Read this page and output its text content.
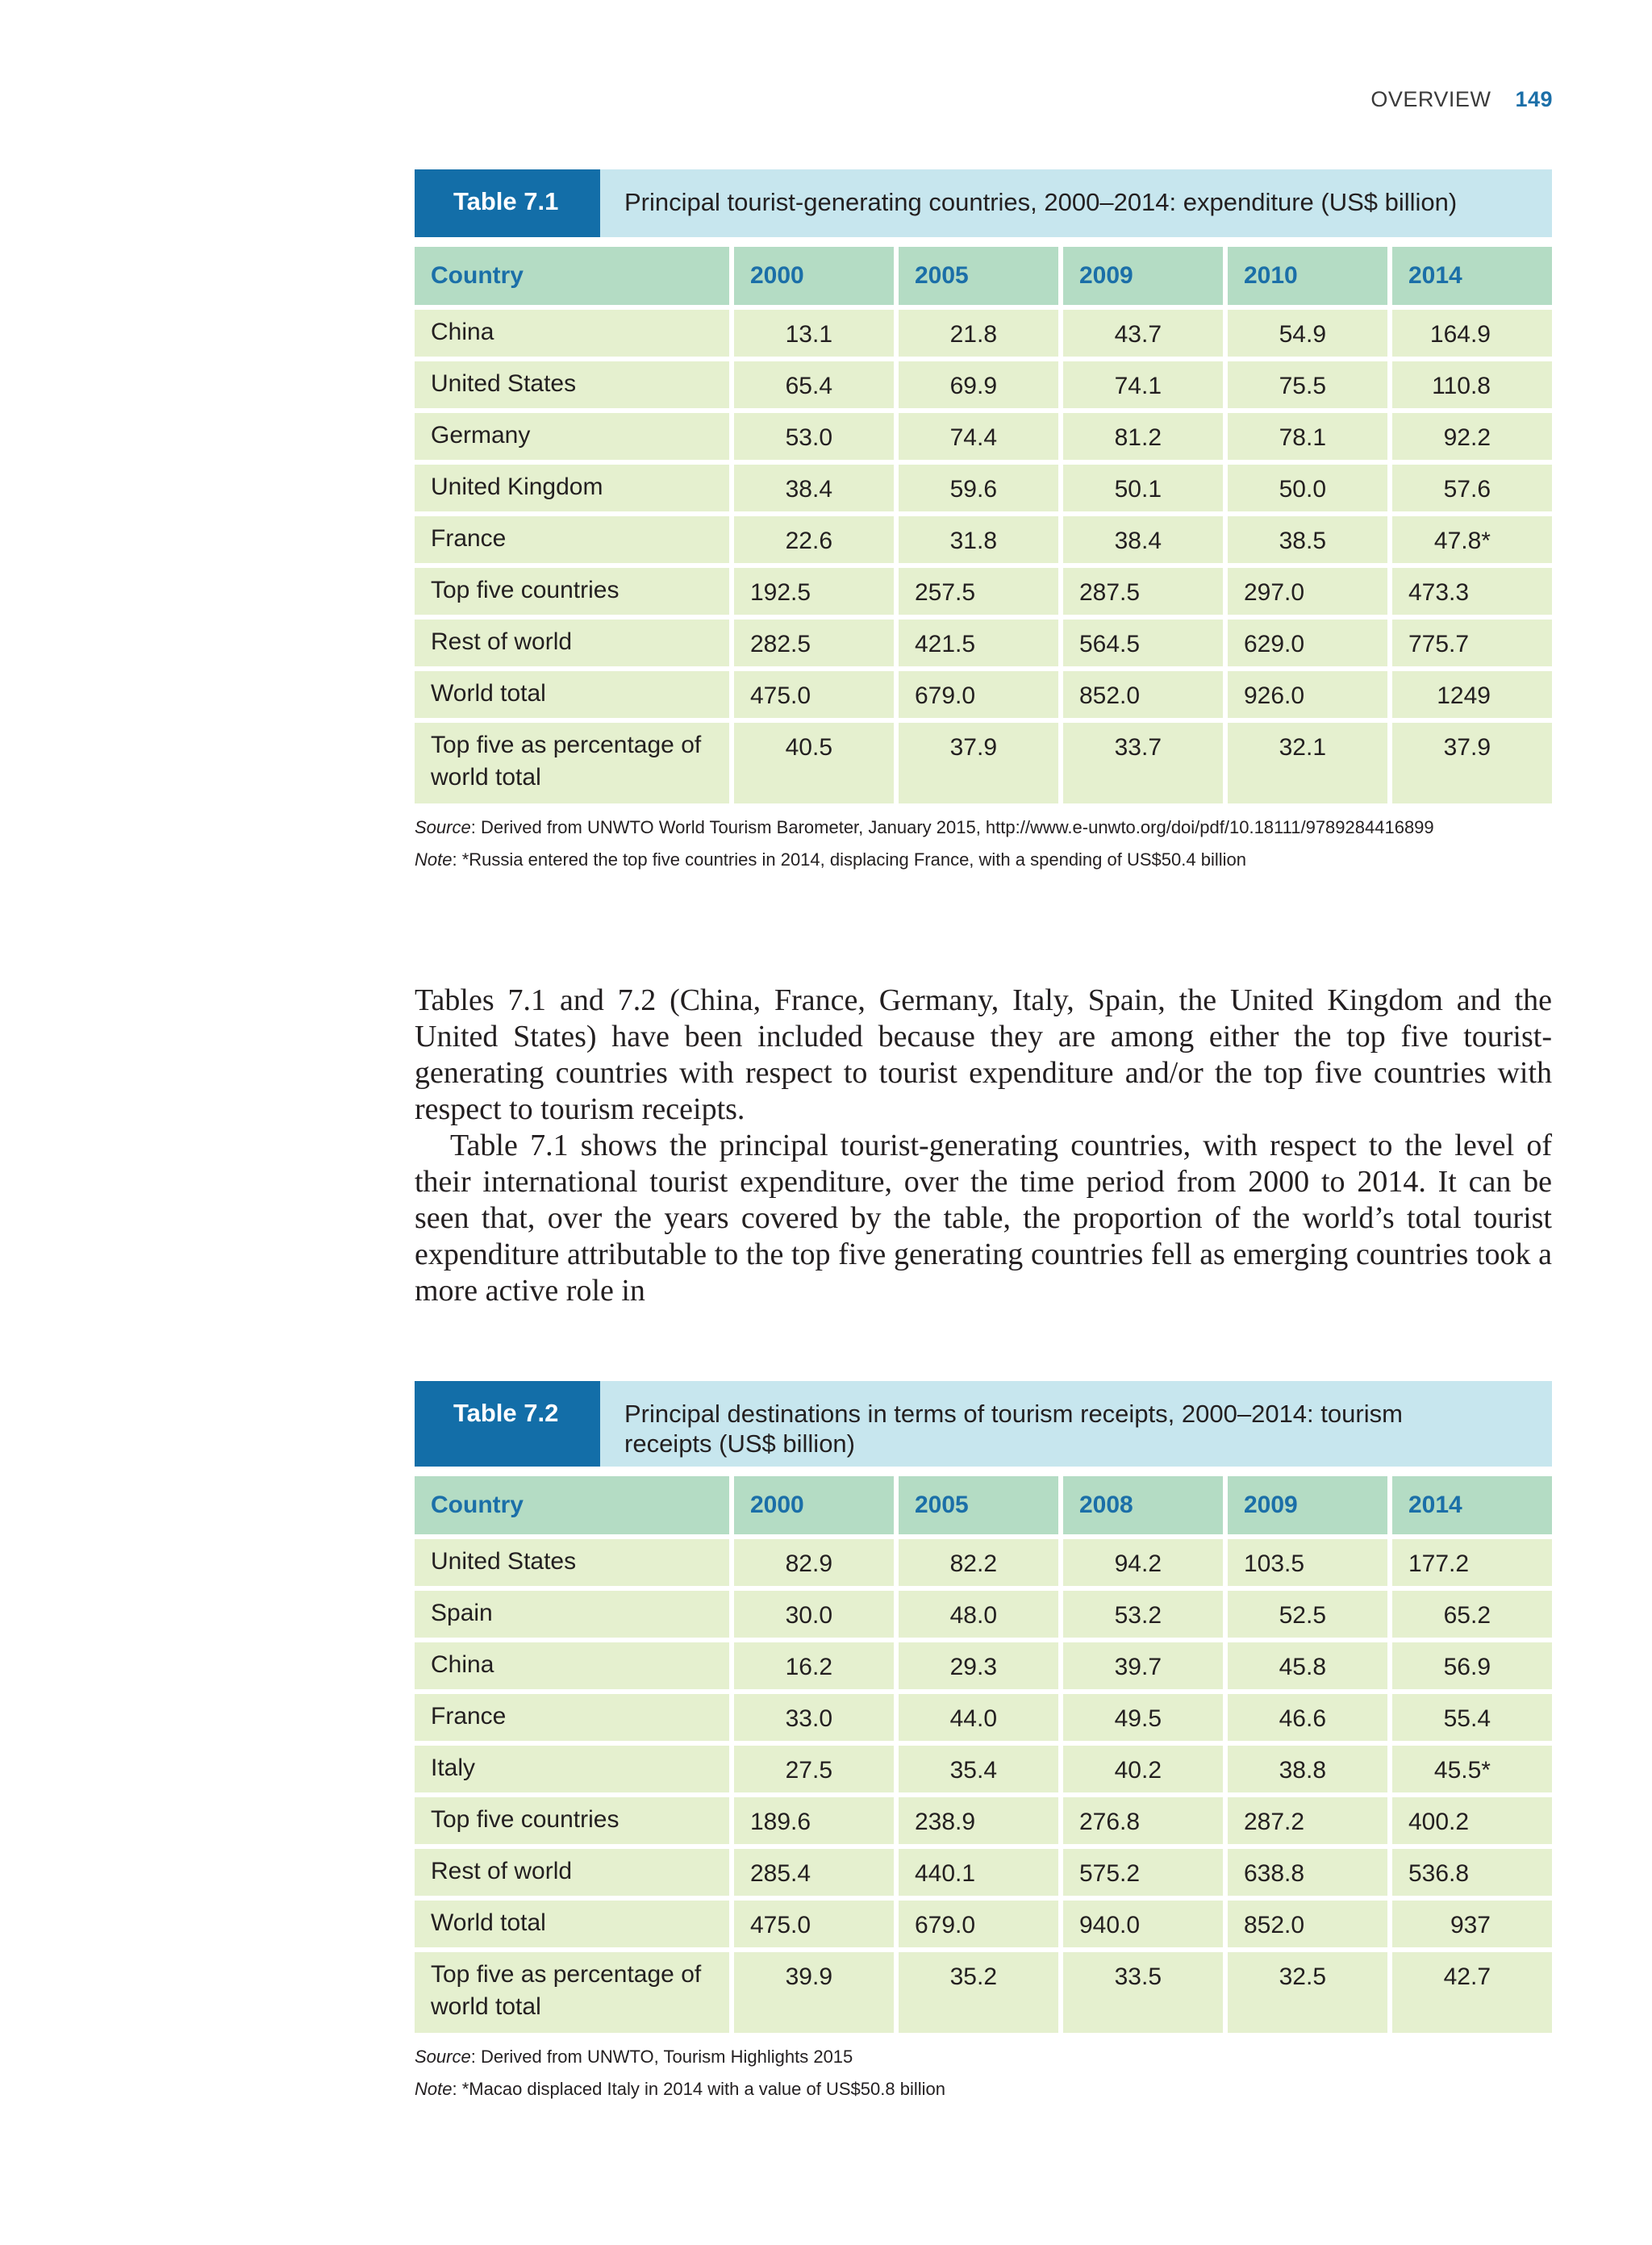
OVERVIEW 149
Table 7.1	Principal tourist-generating countries, 2000–2014: expenditure (US$ billion)
Country	2000	2005	2009	2010	2014
China	13.1	21.8	43.7	54.9	164.9
United States	65.4	69.9	74.1	75.5	110.8
Germany	53.0	74.4	81.2	78.1	92.2
United Kingdom	38.4	59.6	50.1	50.0	57.6
France	22.6	31.8	38.4	38.5	47.8*
Top five countries	192.5	257.5	287.5	297.0	473.3
Rest of world	282.5	421.5	564.5	629.0	775.7
World total	475.0	679.0	852.0	926.0	1249
Top five as percentage of world total	40.5	37.9	33.7	32.1	37.9
Source: Derived from UNWTO World Tourism Barometer, January 2015, http://www.e-unwto.org/doi/pdf/10.18111/9789284416899
Note: *Russia entered the top five countries in 2014, displacing France, with a spending of US$50.4 billion

Tables 7.1 and 7.2 (China, France, Germany, Italy, Spain, the United Kingdom and the United States) have been included because they are among either the top five tourist-generating countries with respect to tourist expenditure and/or the top five countries with respect to tourism receipts.

Table 7.1 shows the principal tourist-generating countries, with respect to the level of their international tourist expenditure, over the time period from 2000 to 2014. It can be seen that, over the years covered by the table, the proportion of the world’s total tourist expenditure attributable to the top five generating countries fell as emerging countries took a more active role in

Table 7.2	Principal destinations in terms of tourism receipts, 2000–2014: tourism receipts (US$ billion)
Country	2000	2005	2008	2009	2014
United States	82.9	82.2	94.2	103.5	177.2
Spain	30.0	48.0	53.2	52.5	65.2
China	16.2	29.3	39.7	45.8	56.9
France	33.0	44.0	49.5	46.6	55.4
Italy	27.5	35.4	40.2	38.8	45.5*
Top five countries	189.6	238.9	276.8	287.2	400.2
Rest of world	285.4	440.1	575.2	638.8	536.8
World total	475.0	679.0	940.0	852.0	937
Top five as percentage of world total	39.9	35.2	33.5	32.5	42.7
Source: Derived from UNWTO, Tourism Highlights 2015
Note: *Macao displaced Italy in 2014 with a value of US$50.8 billion
